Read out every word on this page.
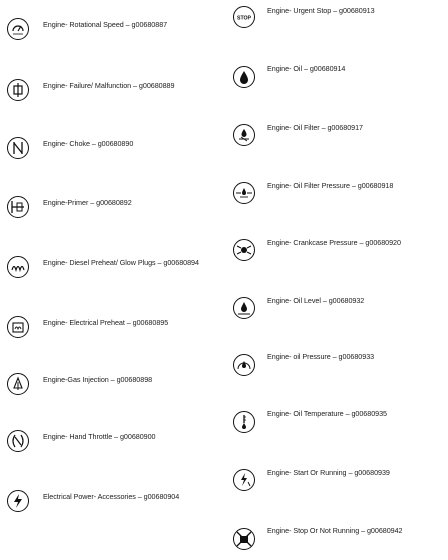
Engine- Rotational Speed – g00680887
Engine- Failure/ Malfunction – g00680889
Engine- Choke – g00680890
Engine-Primer – g00680892
Engine- Diesel Preheat/ Glow Plugs – g00680894
Engine- Electrical Preheat – g00680895
Engine-Gas Injection – g00680898
Engine- Hand Throttle – g00680900
Electrical Power- Accessories – g00680904
STOP
Engine- Urgent Stop – g00680913
Engine- Oil – g00680914
Engine- Oil Filter – g00680917
Engine- Oil Filter Pressure – g00680918
Engine- Crankcase Pressure – g00680920
Engine- Oil Level – g00680932
Engine- oil Pressure – g00680933
Engine- Oil Temperature – g00680935
Engine- Start Or Running – g00680939
Engine- Stop Or Not Running – g00680942
